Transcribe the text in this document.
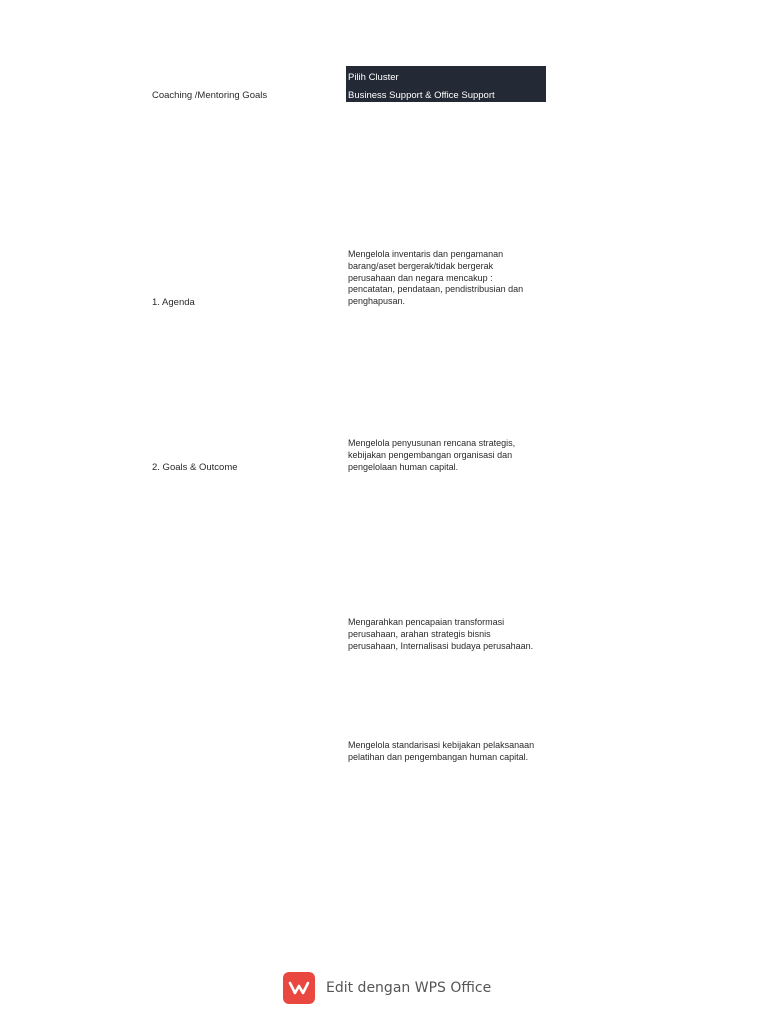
Coaching /Mentoring Goals
Pilih Cluster
Business Support & Office Support
Mengelola inventaris dan pengamanan
barang/aset bergerak/tidak bergerak
perusahaan dan negara mencakup :
pencatatan, pendataan, pendistribusian dan
penghapusan.
1. Agenda
Mengelola penyusunan rencana strategis,
kebijakan pengembangan organisasi dan
pengelolaan human capital.
2. Goals & Outcome
Mengarahkan pencapaian transformasi
perusahaan, arahan strategis bisnis
perusahaan, Internalisasi budaya perusahaan.
Mengelola standarisasi kebijakan pelaksanaan
pelatihan dan pengembangan human capital.
Edit dengan WPS Office
